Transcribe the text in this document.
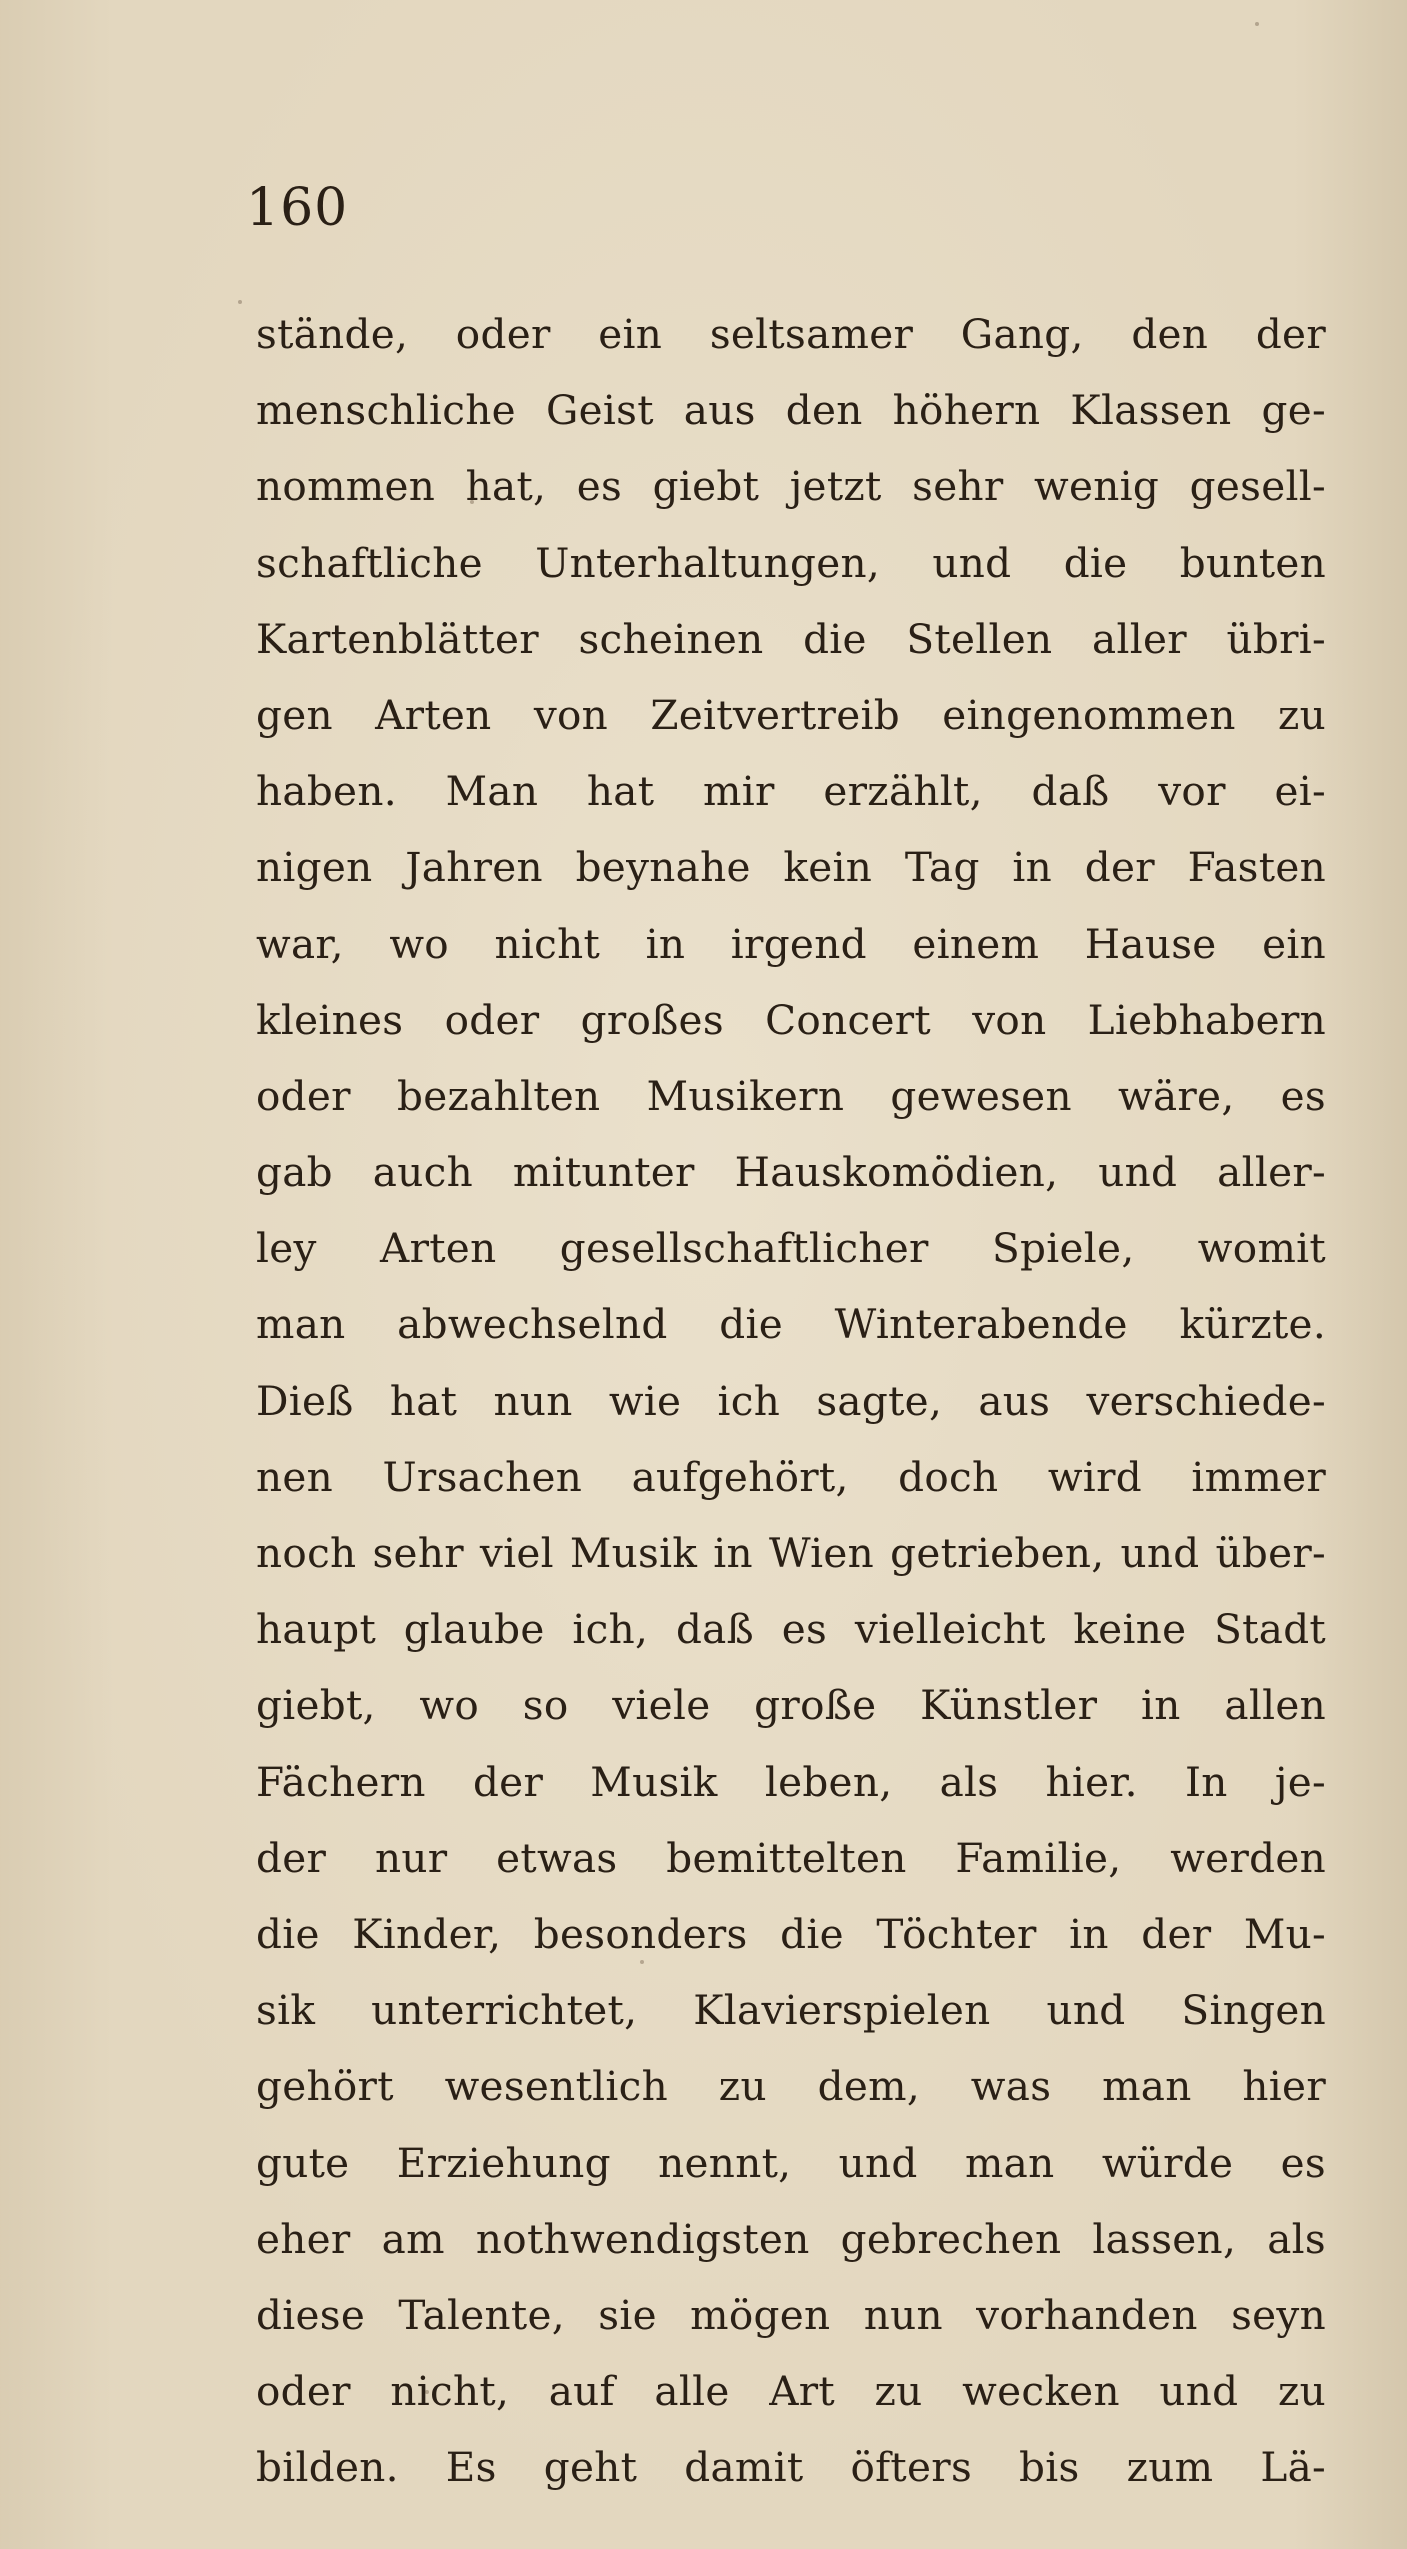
160
stände, oder ein seltsamer Gang, den der
menschliche Geist aus den höhern Klassen ge-
nommen hat, es giebt jetzt sehr wenig gesell-
schaftliche Unterhaltungen, und die bunten
Kartenblätter scheinen die Stellen aller übri-
gen Arten von Zeitvertreib eingenommen zu
haben. Man hat mir erzählt, daß vor ei-
nigen Jahren beynahe kein Tag in der Fasten
war, wo nicht in irgend einem Hause ein
kleines oder großes Concert von Liebhabern
oder bezahlten Musikern gewesen wäre, es
gab auch mitunter Hauskomödien, und aller-
ley Arten gesellschaftlicher Spiele, womit
man abwechselnd die Winterabende kürzte.
Dieß hat nun wie ich sagte, aus verschiede-
nen Ursachen aufgehört, doch wird immer
noch sehr viel Musik in Wien getrieben, und über-
haupt glaube ich, daß es vielleicht keine Stadt
giebt, wo so viele große Künstler in allen
Fächern der Musik leben, als hier. In je-
der nur etwas bemittelten Familie, werden
die Kinder, besonders die Töchter in der Mu-
sik unterrichtet, Klavierspielen und Singen
gehört wesentlich zu dem, was man hier
gute Erziehung nennt, und man würde es
eher am nothwendigsten gebrechen lassen, als
diese Talente, sie mögen nun vorhanden seyn
oder nicht, auf alle Art zu wecken und zu
bilden. Es geht damit öfters bis zum Lä-
